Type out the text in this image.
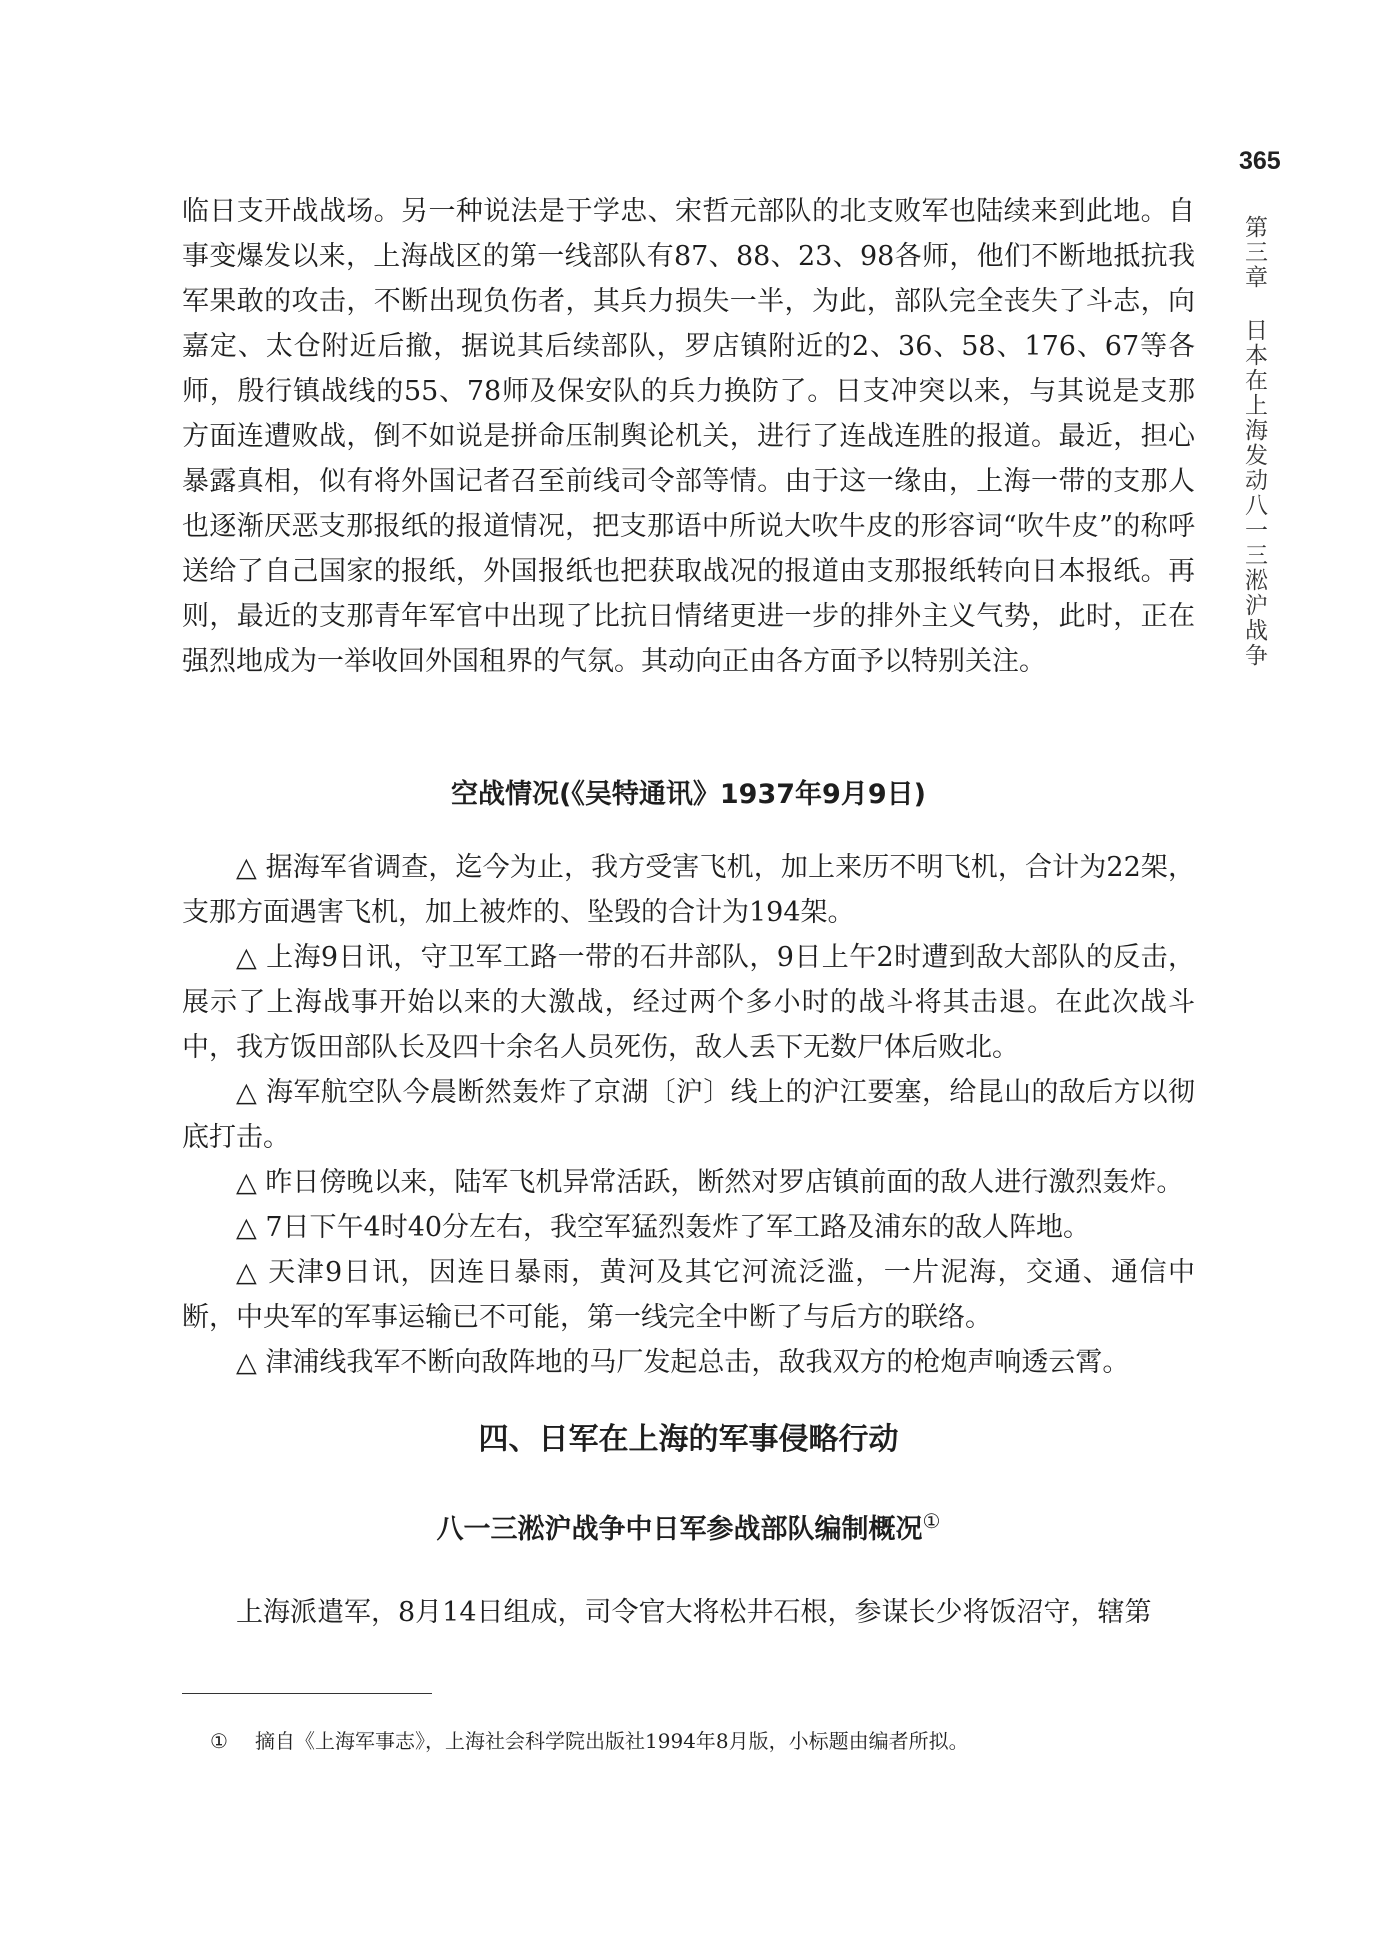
365
第三章日本在上海发动八一三淞沪战争

临日支开战战场。另一种说法是于学忠、宋哲元部队的北支败军也陆续来到此地。自事变爆发以来，上海战区的第一线部队有87、88、23、98各师，他们不断地抵抗我军果敢的攻击，不断出现负伤者，其兵力损失一半，为此，部队完全丧失了斗志，向嘉定、太仓附近后撤，据说其后续部队，罗店镇附近的2、36、58、176、67等各师，殷行镇战线的55、78师及保安队的兵力换防了。日支冲突以来，与其说是支那方面连遭败战，倒不如说是拼命压制舆论机关，进行了连战连胜的报道。最近，担心暴露真相，似有将外国记者召至前线司令部等情。由于这一缘由，上海一带的支那人也逐渐厌恶支那报纸的报道情况，把支那语中所说大吹牛皮的形容词“吹牛皮”的称呼送给了自己国家的报纸，外国报纸也把获取战况的报道由支那报纸转向日本报纸。再则，最近的支那青年军官中出现了比抗日情绪更进一步的排外主义气势，此时，正在强烈地成为一举收回外国租界的气氛。其动向正由各方面予以特别关注。

空战情况(《吴特通讯》1937年9月9日)

△ 据海军省调查，迄今为止，我方受害飞机，加上来历不明飞机，合计为22架，支那方面遇害飞机，加上被炸的、坠毁的合计为194架。

△ 上海9日讯，守卫军工路一带的石井部队，9日上午2时遭到敌大部队的反击，展示了上海战事开始以来的大激战，经过两个多小时的战斗将其击退。在此次战斗中，我方饭田部队长及四十余名人员死伤，敌人丢下无数尸体后败北。

△ 海军航空队今晨断然轰炸了京湖〔沪〕线上的沪江要塞，给昆山的敌后方以彻底打击。

△ 昨日傍晚以来，陆军飞机异常活跃，断然对罗店镇前面的敌人进行激烈轰炸。

△ 7日下午4时40分左右，我空军猛烈轰炸了军工路及浦东的敌人阵地。

△ 天津9日讯，因连日暴雨，黄河及其它河流泛滥，一片泥海，交通、通信中断，中央军的军事运输已不可能，第一线完全中断了与后方的联络。

△ 津浦线我军不断向敌阵地的马厂发起总击，敌我双方的枪炮声响透云霄。

四、日军在上海的军事侵略行动
八一三淞沪战争中日军参战部队编制概况①

上海派遣军，8月14日组成，司令官大将松井石根，参谋长少将饭沼守，辖第

① 摘自《上海军事志》，上海社会科学院出版社1994年8月版，小标题由编者所拟。
